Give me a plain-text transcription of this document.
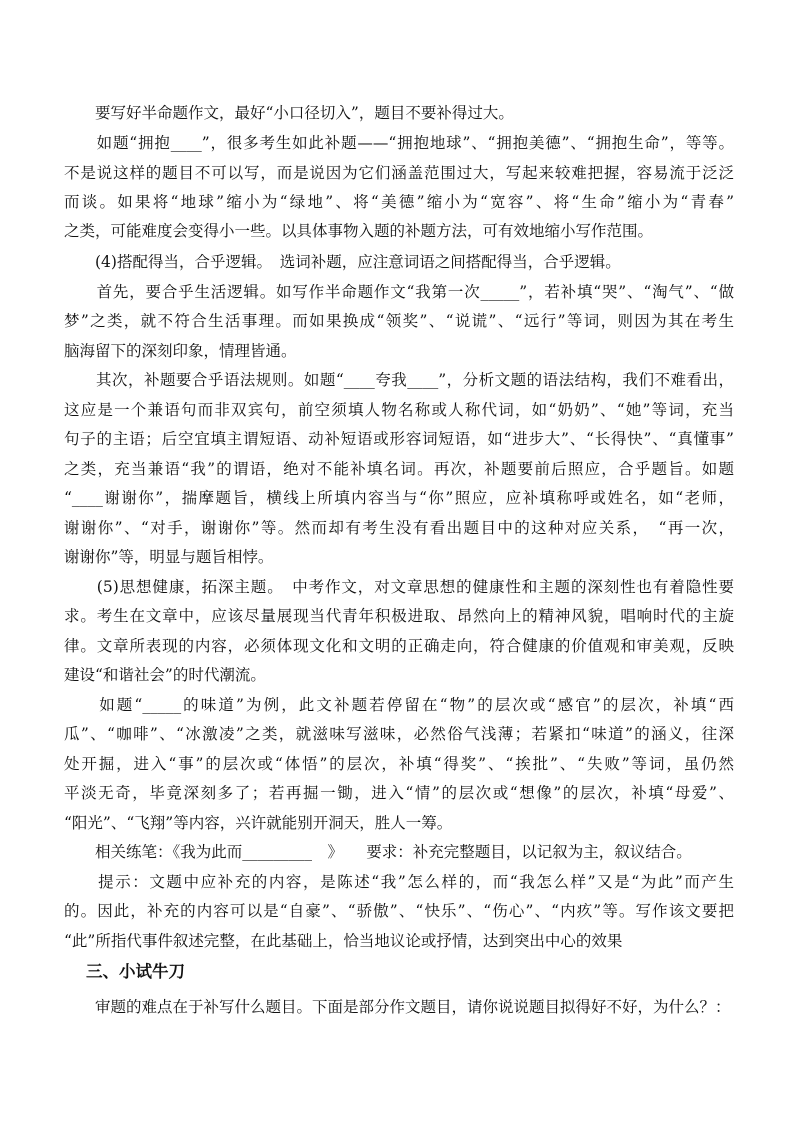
　　要写好半命题作文，最好“小口径切入”，题目不要补得过大。
　　如题“拥抱____”，很多考生如此补题——“拥抱地球”、“拥抱美德”、“拥抱生命”，等等。
不是说这样的题目不可以写，而是说因为它们涵盖范围过大，写起来较难把握，容易流于泛泛
而谈。如果将“地球”缩小为“绿地”、将“美德”缩小为“宽容”、将“生命”缩小为“青春”
之类，可能难度会变得小一些。以具体事物入题的补题方法，可有效地缩小写作范围。
　　(4)搭配得当，合乎逻辑。　选词补题，应注意词语之间搭配得当，合乎逻辑。
　　首先，要合乎生活逻辑。如写作半命题作文“我第一次_____”，若补填“哭”、“淘气”、“做
梦”之类，就不符合生活事理。而如果换成“领奖”、“说谎”、“远行”等词，则因为其在考生
脑海留下的深刻印象，情理皆通。
　　其次，补题要合乎语法规则。如题“____夸我____”，分析文题的语法结构，我们不难看出，
这应是一个兼语句而非双宾句，前空须填人物名称或人称代词，如“奶奶”、“她”等词，充当
句子的主语；后空宜填主谓短语、动补短语或形容词短语，如“进步大”、“长得快”、“真懂事”
之类，充当兼语“我”的谓语，绝对不能补填名词。再次，补题要前后照应，合乎题旨。如题
“____谢谢你”，揣摩题旨，横线上所填内容当与“你”照应，应补填称呼或姓名，如“老师，
谢谢你”、“对手，谢谢你”等。然而却有考生没有看出题目中的这种对应关系，　“再一次，
谢谢你”等，明显与题旨相悖。
　　(5)思想健康，拓深主题。　中考作文，对文章思想的健康性和主题的深刻性也有着隐性要
求。考生在文章中，应该尽量展现当代青年积极进取、昂然向上的精神风貌，唱响时代的主旋
律。文章所表现的内容，必须体现文化和文明的正确走向，符合健康的价值观和审美观，反映
建设“和谐社会”的时代潮流。
　　如题“_____的味道”为例，此文补题若停留在“物”的层次或“感官”的层次，补填“西
瓜”、“咖啡”、“冰激凌”之类，就滋味写滋味，必然俗气浅薄；若紧扣“味道”的涵义，往深
处开掘，进入“事”的层次或“体悟”的层次，补填“得奖”、“挨批”、“失败”等词，虽仍然
平淡无奇，毕竟深刻多了；若再掘一锄，进入“情”的层次或“想像”的层次，补填“母爱”、
“阳光”、“飞翔”等内容，兴许就能别开洞天，胜人一筹。
　　相关练笔：《我为此而_________　》　　要求：补充完整题目，以记叙为主，叙议结合。
　　提示：文题中应补充的内容，是陈述“我”怎么样的，而“我怎么样”又是“为此”而产生
的。因此，补充的内容可以是“自豪”、“骄傲”、“快乐”、“伤心”、“内疚”等。写作该文要把
“此”所指代事件叙述完整，在此基础上，恰当地议论或抒情，达到突出中心的效果
三、小试牛刀
　　审题的难点在于补写什么题目。下面是部分作文题目，请你说说题目拟得好不好，为什么？：
